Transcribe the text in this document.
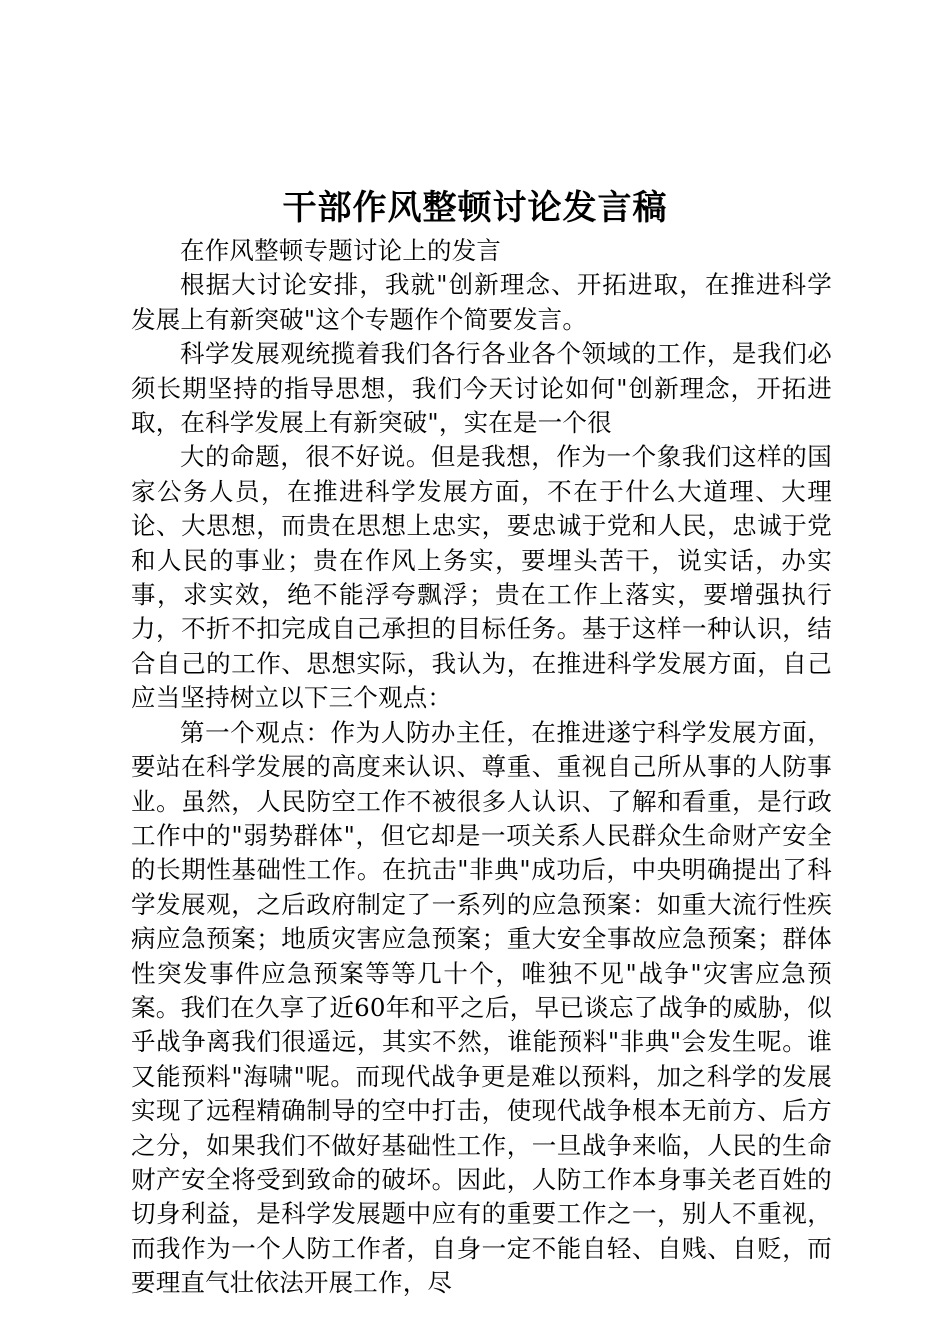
干部作风整顿讨论发言稿

在作风整顿专题讨论上的发言

根据大讨论安排，我就"创新理念、开拓进取，在推进科学发展上有新突破"这个专题作个简要发言。

科学发展观统揽着我们各行各业各个领域的工作，是我们必须长期坚持的指导思想，我们今天讨论如何"创新理念，开拓进取，在科学发展上有新突破"，实在是一个很

大的命题，很不好说。但是我想，作为一个象我们这样的国家公务人员，在推进科学发展方面，不在于什么大道理、大理论、大思想，而贵在思想上忠实，要忠诚于党和人民，忠诚于党和人民的事业；贵在作风上务实，要埋头苦干，说实话，办实事，求实效，绝不能浮夸飘浮；贵在工作上落实，要增强执行力，不折不扣完成自己承担的目标任务。基于这样一种认识，结合自己的工作、思想实际，我认为，在推进科学发展方面，自己应当坚持树立以下三个观点：

第一个观点：作为人防办主任，在推进遂宁科学发展方面，要站在科学发展的高度来认识、尊重、重视自己所从事的人防事业。虽然，人民防空工作不被很多人认识、了解和看重，是行政工作中的"弱势群体"，但它却是一项关系人民群众生命财产安全的长期性基础性工作。在抗击"非典"成功后，中央明确提出了科学发展观，之后政府制定了一系列的应急预案：如重大流行性疾病应急预案；地质灾害应急预案；重大安全事故应急预案；群体性突发事件应急预案等等几十个，唯独不见"战争"灾害应急预案。我们在久享了近60年和平之后，早已谈忘了战争的威胁，似乎战争离我们很遥远，其实不然，谁能预料"非典"会发生呢。谁又能预料"海啸"呢。而现代战争更是难以预料，加之科学的发展实现了远程精确制导的空中打击，使现代战争根本无前方、后方之分，如果我们不做好基础性工作，一旦战争来临，人民的生命财产安全将受到致命的破坏。因此，人防工作本身事关老百姓的切身利益，是科学发展题中应有的重要工作之一，别人不重视，而我作为一个人防工作者，自身一定不能自轻、自贱、自贬，而要理直气壮依法开展工作，尽
